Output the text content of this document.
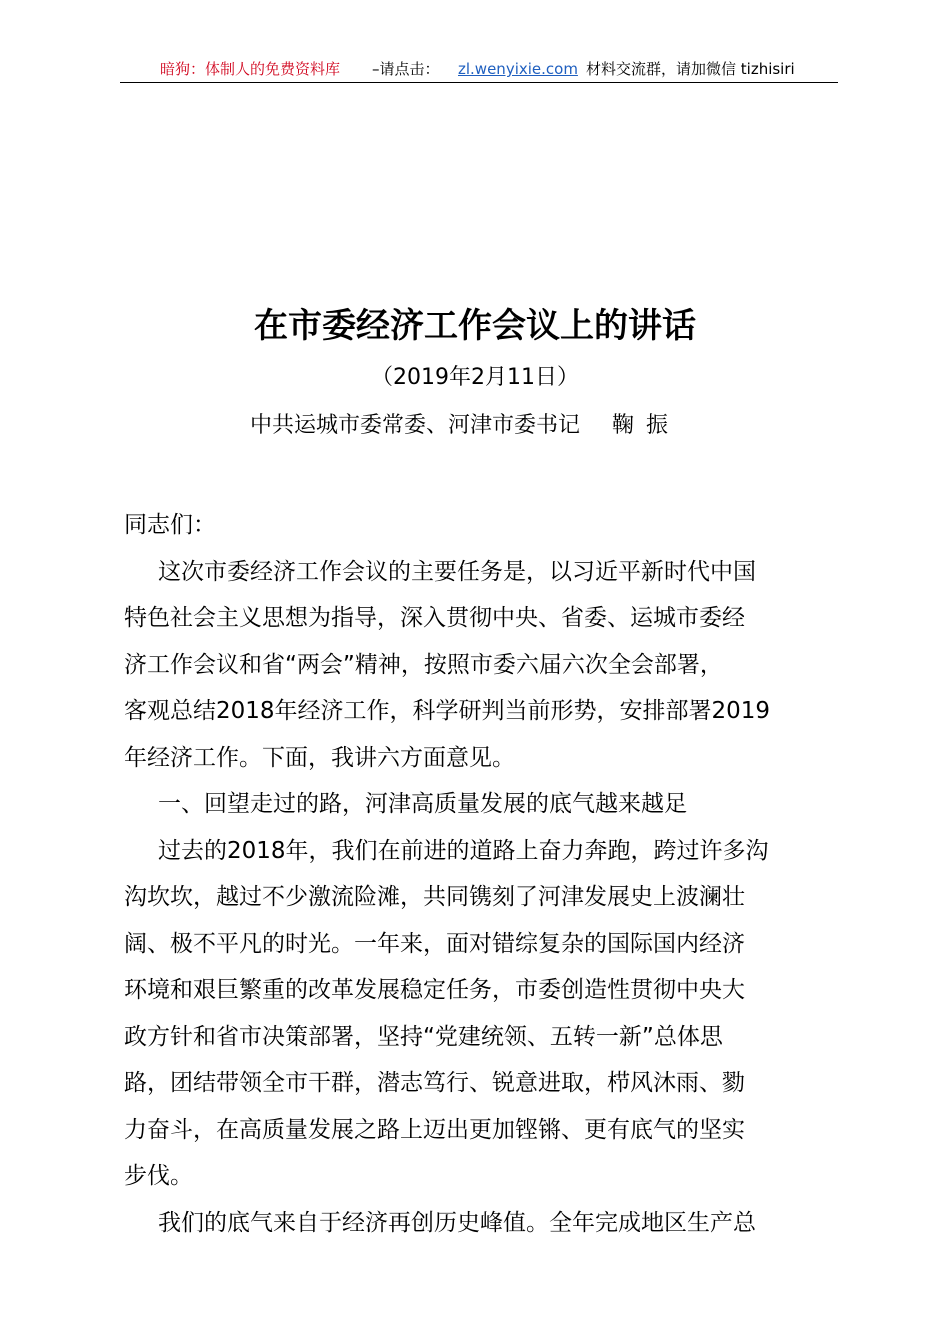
暗狗：体制人的免费资料库 –请点击： zl.wenyixie.com 材料交流群，请加微信 tizhisiri
在市委经济工作会议上的讲话
（2019年2月11日）
中共运城市委常委、河津市委书记 鞠振

同志们：

这次市委经济工作会议的主要任务是，以习近平新时代中国
特色社会主义思想为指导，深入贯彻中央、省委、运城市委经
济工作会议和省“两会”精神，按照市委六届六次全会部署，
客观总结2018年经济工作，科学研判当前形势，安排部署2019
年经济工作。下面，我讲六方面意见。

一、回望走过的路，河津高质量发展的底气越来越足

过去的2018年，我们在前进的道路上奋力奔跑，跨过许多沟
沟坎坎，越过不少激流险滩，共同镌刻了河津发展史上波澜壮
阔、极不平凡的时光。一年来，面对错综复杂的国际国内经济
环境和艰巨繁重的改革发展稳定任务，市委创造性贯彻中央大
政方针和省市决策部署，坚持“党建统领、五转一新”总体思
路，团结带领全市干群，潜志笃行、锐意进取，栉风沐雨、勠
力奋斗，在高质量发展之路上迈出更加铿锵、更有底气的坚实
步伐。

我们的底气来自于经济再创历史峰值。全年完成地区生产总
